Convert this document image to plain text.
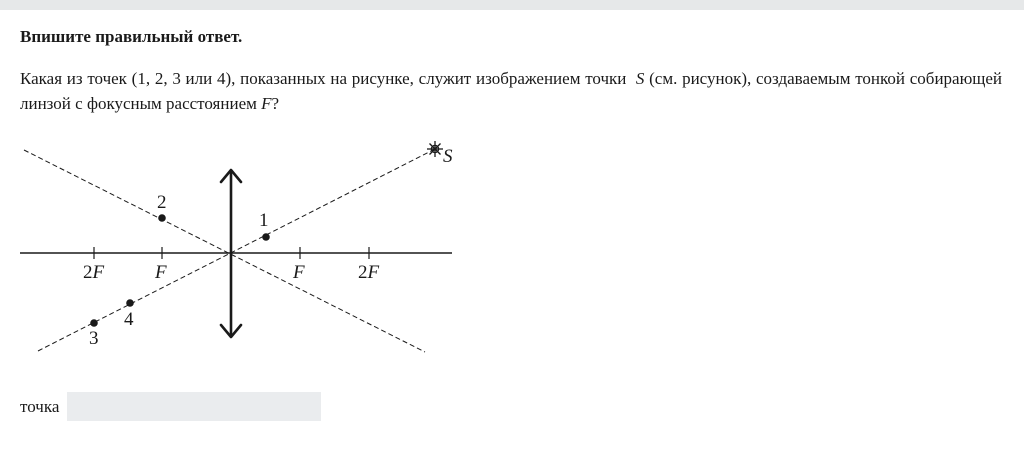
Впишите правильный ответ.

Какая из точек (1, 2, 3 или 4), показанных на рисунке, служит изображением точки S (см. рисунок), создаваемым тонкой собирающей линзой с фокусным расстоянием F?

S
1
2
3
4
2F	F	F	2F
точка
